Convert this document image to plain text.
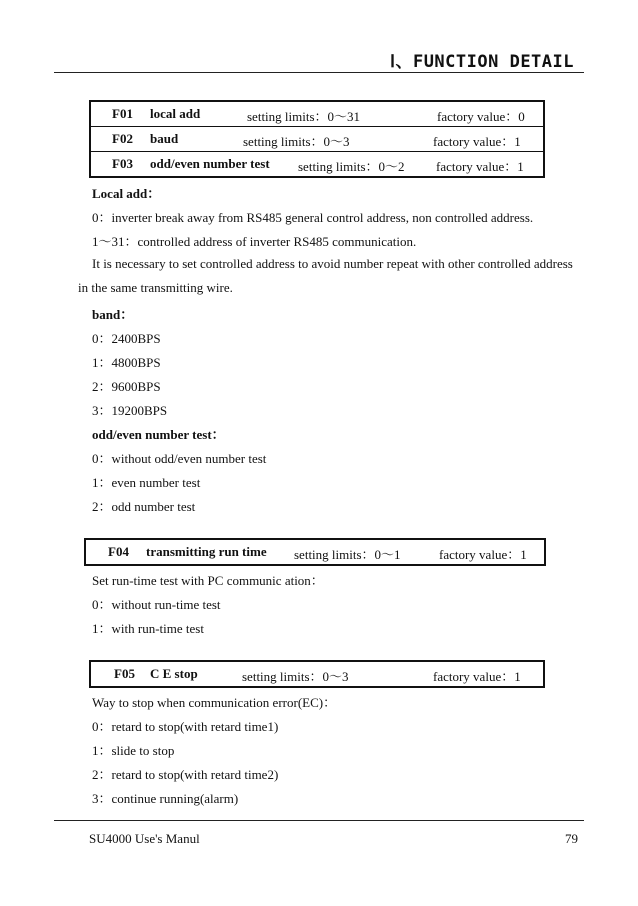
Ⅰ、FUNCTION DETAIL
F01 local add	setting limits：0～31	factory value：0
F02 baud	setting limits：0～3	factory value：1
F03 odd/even number test setting limits：0～2 factory value：1
Local add：
0：inverter break away from RS485 general control address, non controlled address.
1～31：controlled address of inverter RS485 communication.
It is necessary to set controlled address to avoid number repeat with other controlled address
in the same transmitting wire.
band：
0：2400BPS
1：4800BPS
2：9600BPS
3：19200BPS
odd/even number test：
0：without odd/even number test
1：even number test
2：odd number test
F04 transmitting run time setting limits：0～1	factory value：1
Set run-time test with PC communic ation：
0：without run-time test
1：with run-time test
F05 C E stop	setting limits：0～3	factory value：1
Way to stop when communication error(EC)：
0：retard to stop(with retard time1)
1：slide to stop
2：retard to stop(with retard time2)
3：continue running(alarm)
SU4000 Use's Manul	79
